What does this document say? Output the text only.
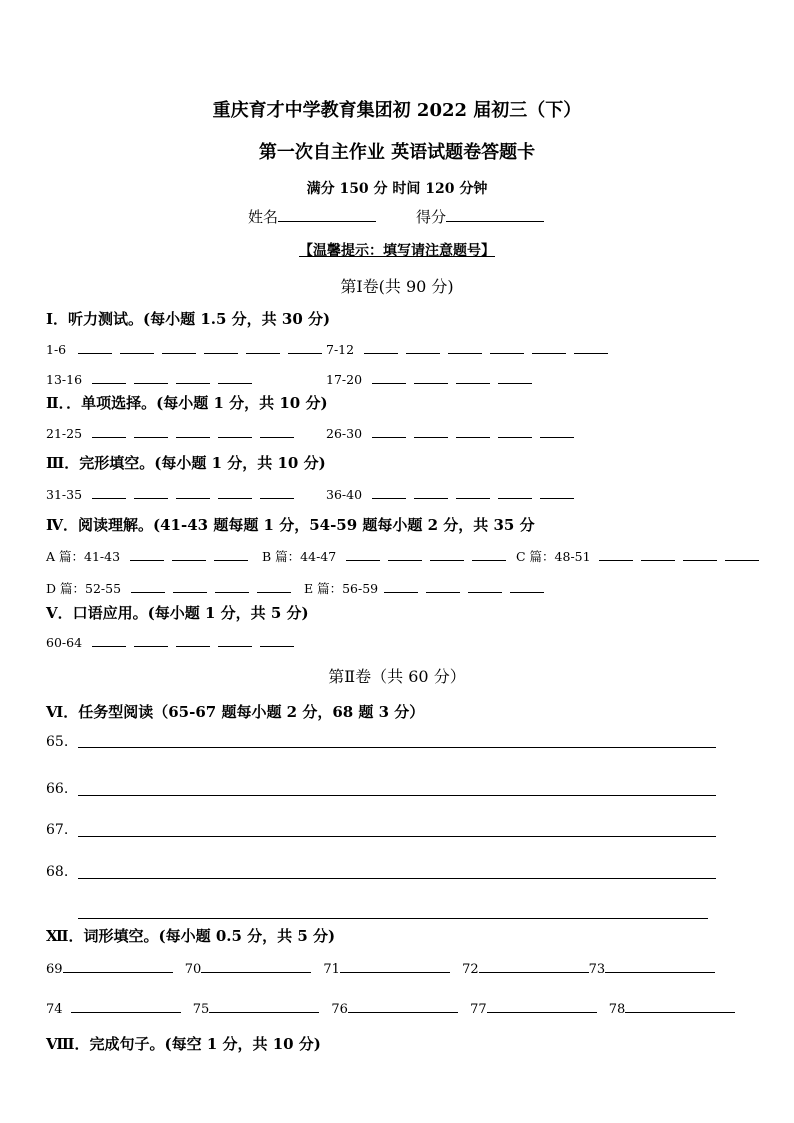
重庆育才中学教育集团初 2022 届初三（下）
第一次自主作业 英语试题卷答题卡
满分 150 分 时间 120 分钟
姓名	得分
【温馨提示：填写请注意题号】
第Ⅰ卷(共 90 分)
Ⅰ．听力测试。(每小题 1.5 分，共 30 分)
1-6	7-12
13-16	17-20
Ⅱ．．单项选择。(每小题 1 分，共 10 分)
21-25	26-30
Ⅲ．完形填空。(每小题 1 分，共 10 分)
31-35	36-40
Ⅳ．阅读理解。(41-43 题每题 1 分，54-59 题每小题 2 分，共 35 分
A 篇：41-43	B 篇：44-47	C 篇：48-51
D 篇：52-55	E 篇：56-59
Ⅴ．口语应用。(每小题 1 分，共 5 分)
60-64
第Ⅱ卷（共 60 分）
Ⅵ．任务型阅读（65-67 题每小题 2 分，68 题 3 分）
65.
66.
67.
68.
Ⅻ．词形填空。(每小题 0.5 分，共 5 分)
69	70	71	72	73
74	75	76	77	78
Ⅷ．完成句子。(每空 1 分，共 10 分)
